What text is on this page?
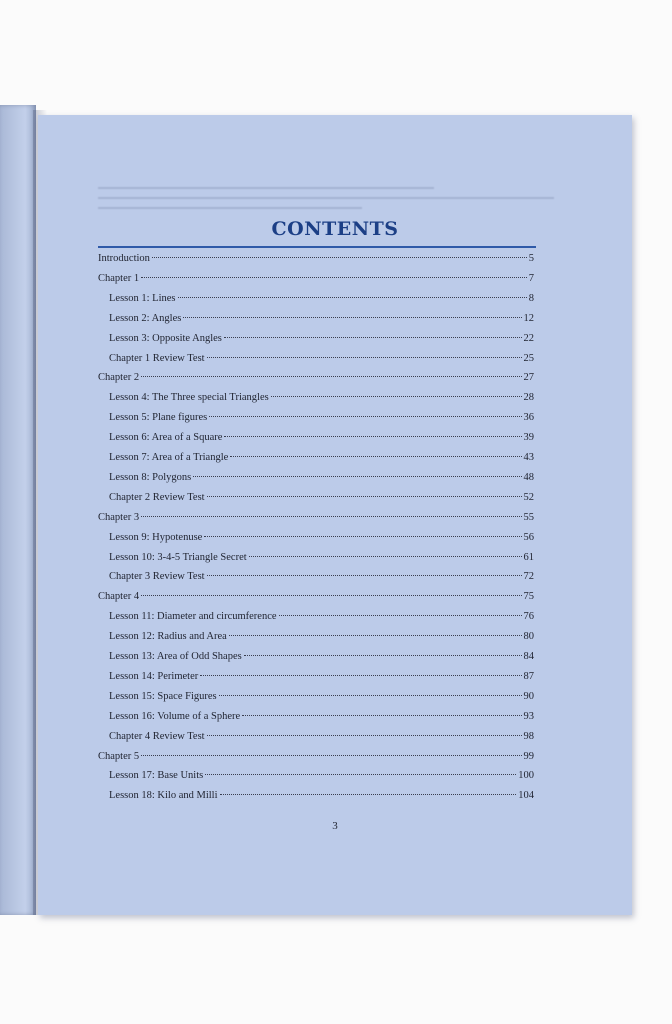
CONTENTS
Introduction	5
Chapter 1	7
Lesson 1: Lines	8
Lesson 2: Angles	12
Lesson 3: Opposite Angles	22
Chapter 1 Review Test	25
Chapter 2	27
Lesson 4: The Three special Triangles	28
Lesson 5: Plane figures	36
Lesson 6: Area of a Square	39
Lesson 7: Area of a Triangle	43
Lesson 8: Polygons	48
Chapter 2 Review Test	52
Chapter 3	55
Lesson 9: Hypotenuse	56
Lesson 10: 3-4-5 Triangle Secret	61
Chapter 3 Review Test	72
Chapter 4	75
Lesson 11: Diameter and circumference	76
Lesson 12: Radius and Area	80
Lesson 13: Area of Odd Shapes	84
Lesson 14: Perimeter	87
Lesson 15: Space Figures	90
Lesson 16: Volume of a Sphere	93
Chapter 4 Review Test	98
Chapter 5	99
Lesson 17: Base Units	100
Lesson 18: Kilo and Milli	104
3
